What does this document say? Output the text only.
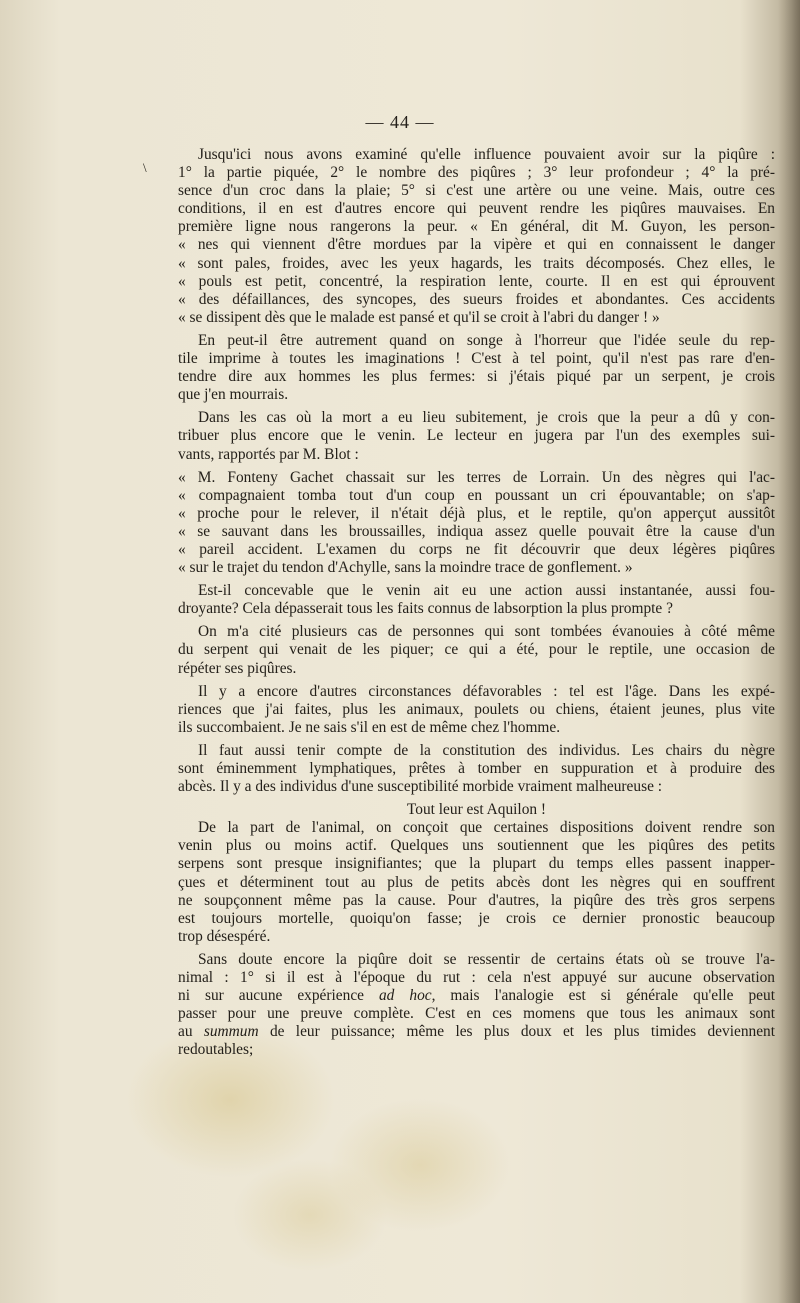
— 44 —
\
Jusqu'ici nous avons examiné qu'elle influence pouvaient avoir sur la piqûre :
1° la partie piquée, 2° le nombre des piqûres ; 3° leur profondeur ; 4° la pré-
sence d'un croc dans la plaie; 5° si c'est une artère ou une veine. Mais, outre ces
conditions, il en est d'autres encore qui peuvent rendre les piqûres mauvaises. En
première ligne nous rangerons la peur. « En général, dit M. Guyon, les person-
« nes qui viennent d'être mordues par la vipère et qui en connaissent le danger
« sont pales, froides, avec les yeux hagards, les traits décomposés. Chez elles, le
« pouls est petit, concentré, la respiration lente, courte. Il en est qui éprouvent
« des défaillances, des syncopes, des sueurs froides et abondantes. Ces accidents
« se dissipent dès que le malade est pansé et qu'il se croit à l'abri du danger ! »
En peut-il être autrement quand on songe à l'horreur que l'idée seule du rep-
tile imprime à toutes les imaginations ! C'est à tel point, qu'il n'est pas rare d'en-
tendre dire aux hommes les plus fermes: si j'étais piqué par un serpent, je crois
que j'en mourrais.
Dans les cas où la mort a eu lieu subitement, je crois que la peur a dû y con-
tribuer plus encore que le venin. Le lecteur en jugera par l'un des exemples sui-
vants, rapportés par M. Blot :
« M. Fonteny Gachet chassait sur les terres de Lorrain. Un des nègres qui l'ac-
« compagnaient tomba tout d'un coup en poussant un cri épouvantable; on s'ap-
« proche pour le relever, il n'était déjà plus, et le reptile, qu'on apperçut aussitôt
« se sauvant dans les broussailles, indiqua assez quelle pouvait être la cause d'un
« pareil accident. L'examen du corps ne fit découvrir que deux légères piqûres
« sur le trajet du tendon d'Achylle, sans la moindre trace de gonflement. »
Est-il concevable que le venin ait eu une action aussi instantanée, aussi fou-
droyante? Cela dépasserait tous les faits connus de labsorption la plus prompte ?
On m'a cité plusieurs cas de personnes qui sont tombées évanouies à côté même
du serpent qui venait de les piquer; ce qui a été, pour le reptile, une occasion de
répéter ses piqûres.
Il y a encore d'autres circonstances défavorables : tel est l'âge. Dans les expé-
riences que j'ai faites, plus les animaux, poulets ou chiens, étaient jeunes, plus vite
ils succombaient. Je ne sais s'il en est de même chez l'homme.
Il faut aussi tenir compte de la constitution des individus. Les chairs du nègre
sont éminemment lymphatiques, prêtes à tomber en suppuration et à produire des
abcès. Il y a des individus d'une susceptibilité morbide vraiment malheureuse :
Tout leur est Aquilon !
De la part de l'animal, on conçoit que certaines dispositions doivent rendre son
venin plus ou moins actif. Quelques uns soutiennent que les piqûres des petits
serpens sont presque insignifiantes; que la plupart du temps elles passent inapper-
çues et déterminent tout au plus de petits abcès dont les nègres qui en souffrent
ne soupçonnent même pas la cause. Pour d'autres, la piqûre des très gros serpens
est toujours mortelle, quoiqu'on fasse; je crois ce dernier pronostic beaucoup
trop désespéré.
Sans doute encore la piqûre doit se ressentir de certains états où se trouve l'a-
nimal : 1° si il est à l'époque du rut : cela n'est appuyé sur aucune observation
ni sur aucune expérience ad hoc, mais l'analogie est si générale qu'elle peut
passer pour une preuve complète. C'est en ces momens que tous les animaux sont
au summum de leur puissance; même les plus doux et les plus timides deviennent
redoutables;
